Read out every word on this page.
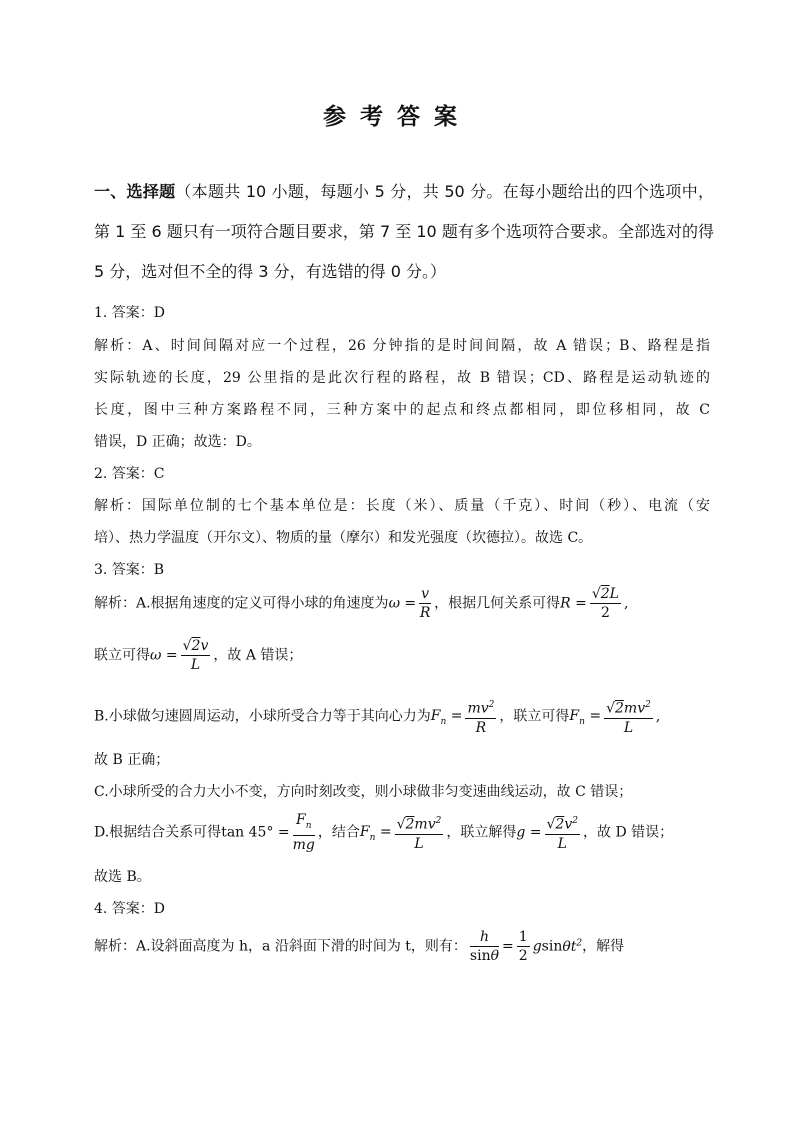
参考答案
一、选择题（本题共 10 小题，每题小 5 分，共 50 分。在每小题给出的四个选项中，第 1 至 6 题只有一项符合题目要求，第 7 至 10 题有多个选项符合要求。全部选对的得 5 分，选对但不全的得 3 分，有选错的得 0 分。）
1. 答案：D
解析：A、时间间隔对应一个过程，26 分钟指的是时间间隔，故 A 错误；B、路程是指
实际轨迹的长度，29 公里指的是此次行程的路程，故 B 错误；CD、路程是运动轨迹的
长度，图中三种方案路程不同，三种方案中的起点和终点都相同，即位移相同，故 C
错误，D 正确；故选：D。
2. 答案：C
解析：国际单位制的七个基本单位是：长度（米）、质量（千克）、时间（秒）、电流（安
培）、热力学温度（开尔文）、物质的量（摩尔）和发光强度（坎德拉）。故选 C。
3. 答案：B
解析：A.根据角速度的定义可得小球的角速度为$\omega = \frac{v}{R}$ ，根据几何关系可得$R = \frac{√2L}{2}$ ,
联立可得$\omega = \frac{√2v}{L}$ ，故 A 错误；
B.小球做匀速圆周运动，小球所受合力等于其向心力为$F_n = \frac{mv^2}{R}$ ，联立可得$F_n = \frac{√2mv^2}{L}$ ,
故 B 正确；
C.小球所受的合力大小不变，方向时刻改变，则小球做非匀变速曲线运动，故 C 错误；
D.根据结合关系可得$\tan 45^\circ = \frac{F_n}{mg}$ ，结合$F_n = \frac{√2mv^2}{L}$ ，联立解得$g = \frac{√2v^2}{L}$ ，故 D 错误；
故选 B。
4. 答案：D
解析：A.设斜面高度为 h，a 沿斜面下滑的时间为 t，则有： $\frac{h}{\sin\theta} = \frac{1}{2} gsin\theta t^2$，解得
